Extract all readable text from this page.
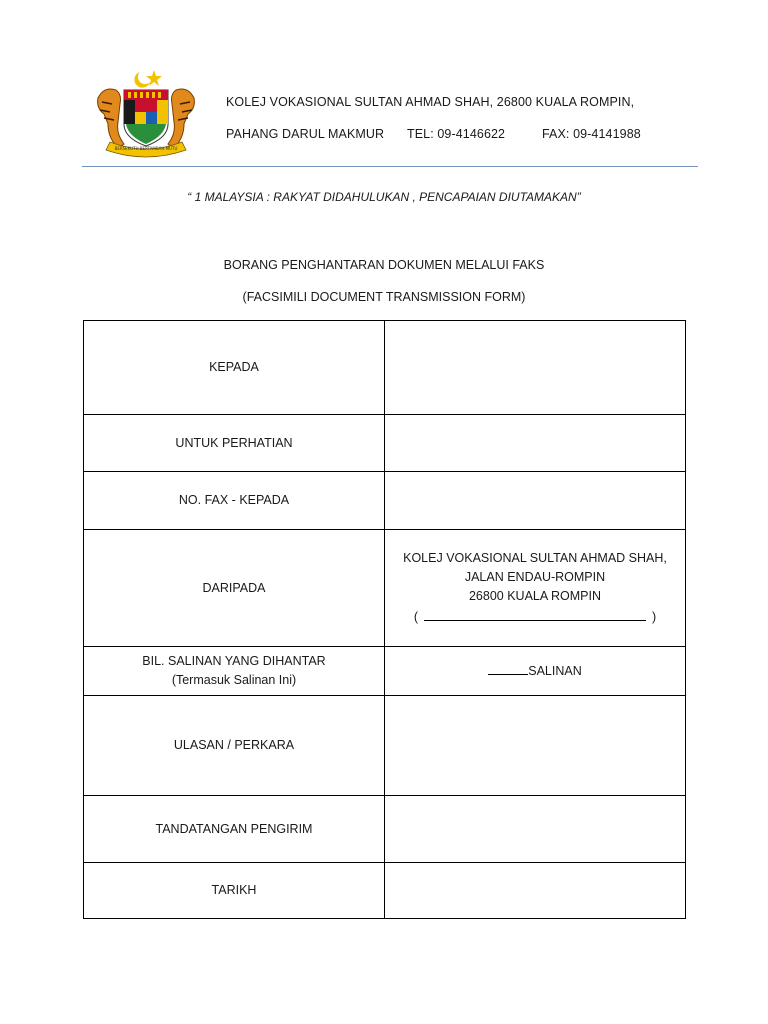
BERSEKUTU BERTAMBAH MUTU
KOLEJ VOKASIONAL SULTAN AHMAD SHAH, 26800 KUALA ROMPIN,
PAHANG DARUL MAKMUR TEL: 09-4146622	FAX: 09-4141988
“ 1 MALAYSIA : RAKYAT DIDAHULUKAN , PENCAPAIAN DIUTAMAKAN”
BORANG PENGHANTARAN DOKUMEN MELALUI FAKS
(FACSIMILI DOCUMENT TRANSMISSION FORM)
KEPADA	
UNTUK PERHATIAN	
NO. FAX - KEPADA	
DARIPADA	KOLEJ VOKASIONAL SULTAN AHMAD SHAH,
JALAN ENDAU-ROMPIN
26800 KUALA ROMPIN
( )

BIL. SALINAN YANG DIHANTAR
(Termasuk Salinan Ini)	SALINAN
ULASAN / PERKARA	
TANDATANGAN PENGIRIM	
TARIKH	
